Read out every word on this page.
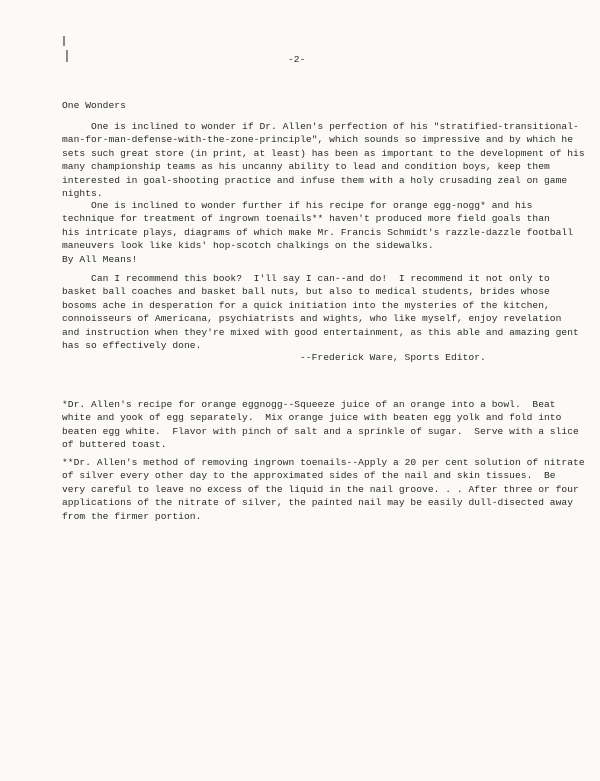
-2-
One Wonders
One is inclined to wonder if Dr. Allen's perfection of his "stratified-transitional-
man-for-man-defense-with-the-zone-principle", which sounds so impressive and by which he
sets such great store (in print, at least) has been as important to the development of his
many championship teams as his uncanny ability to lead and condition boys, keep them
interested in goal-shooting practice and infuse them with a holy crusading zeal on game
nights.
One is inclined to wonder further if his recipe for orange egg-nogg* and his
technique for treatment of ingrown toenails** haven't produced more field goals than
his intricate plays, diagrams of which make Mr. Francis Schmidt's razzle-dazzle football
maneuvers look like kids' hop-scotch chalkings on the sidewalks.
By All Means!
Can I recommend this book?  I'll say I can--and do!  I recommend it not only to
basket ball coaches and basket ball nuts, but also to medical students, brides whose
bosoms ache in desperation for a quick initiation into the mysteries of the kitchen,
connoisseurs of Americana, psychiatrists and wights, who like myself, enjoy revelation
and instruction when they're mixed with good entertainment, as this able and amazing gent
has so effectively done.
--Frederick Ware, Sports Editor.
*Dr. Allen's recipe for orange eggnogg--Squeeze juice of an orange into a bowl.  Beat
white and yook of egg separately.  Mix orange juice with beaten egg yolk and fold into
beaten egg white.  Flavor with pinch of salt and a sprinkle of sugar.  Serve with a slice
of buttered toast.
**Dr. Allen's method of removing ingrown toenails--Apply a 20 per cent solution of nitrate
of silver every other day to the approximated sides of the nail and skin tissues.  Be
very careful to leave no excess of the liquid in the nail groove. . . After three or four
applications of the nitrate of silver, the painted nail may be easily dull-disected away
from the firmer portion.
